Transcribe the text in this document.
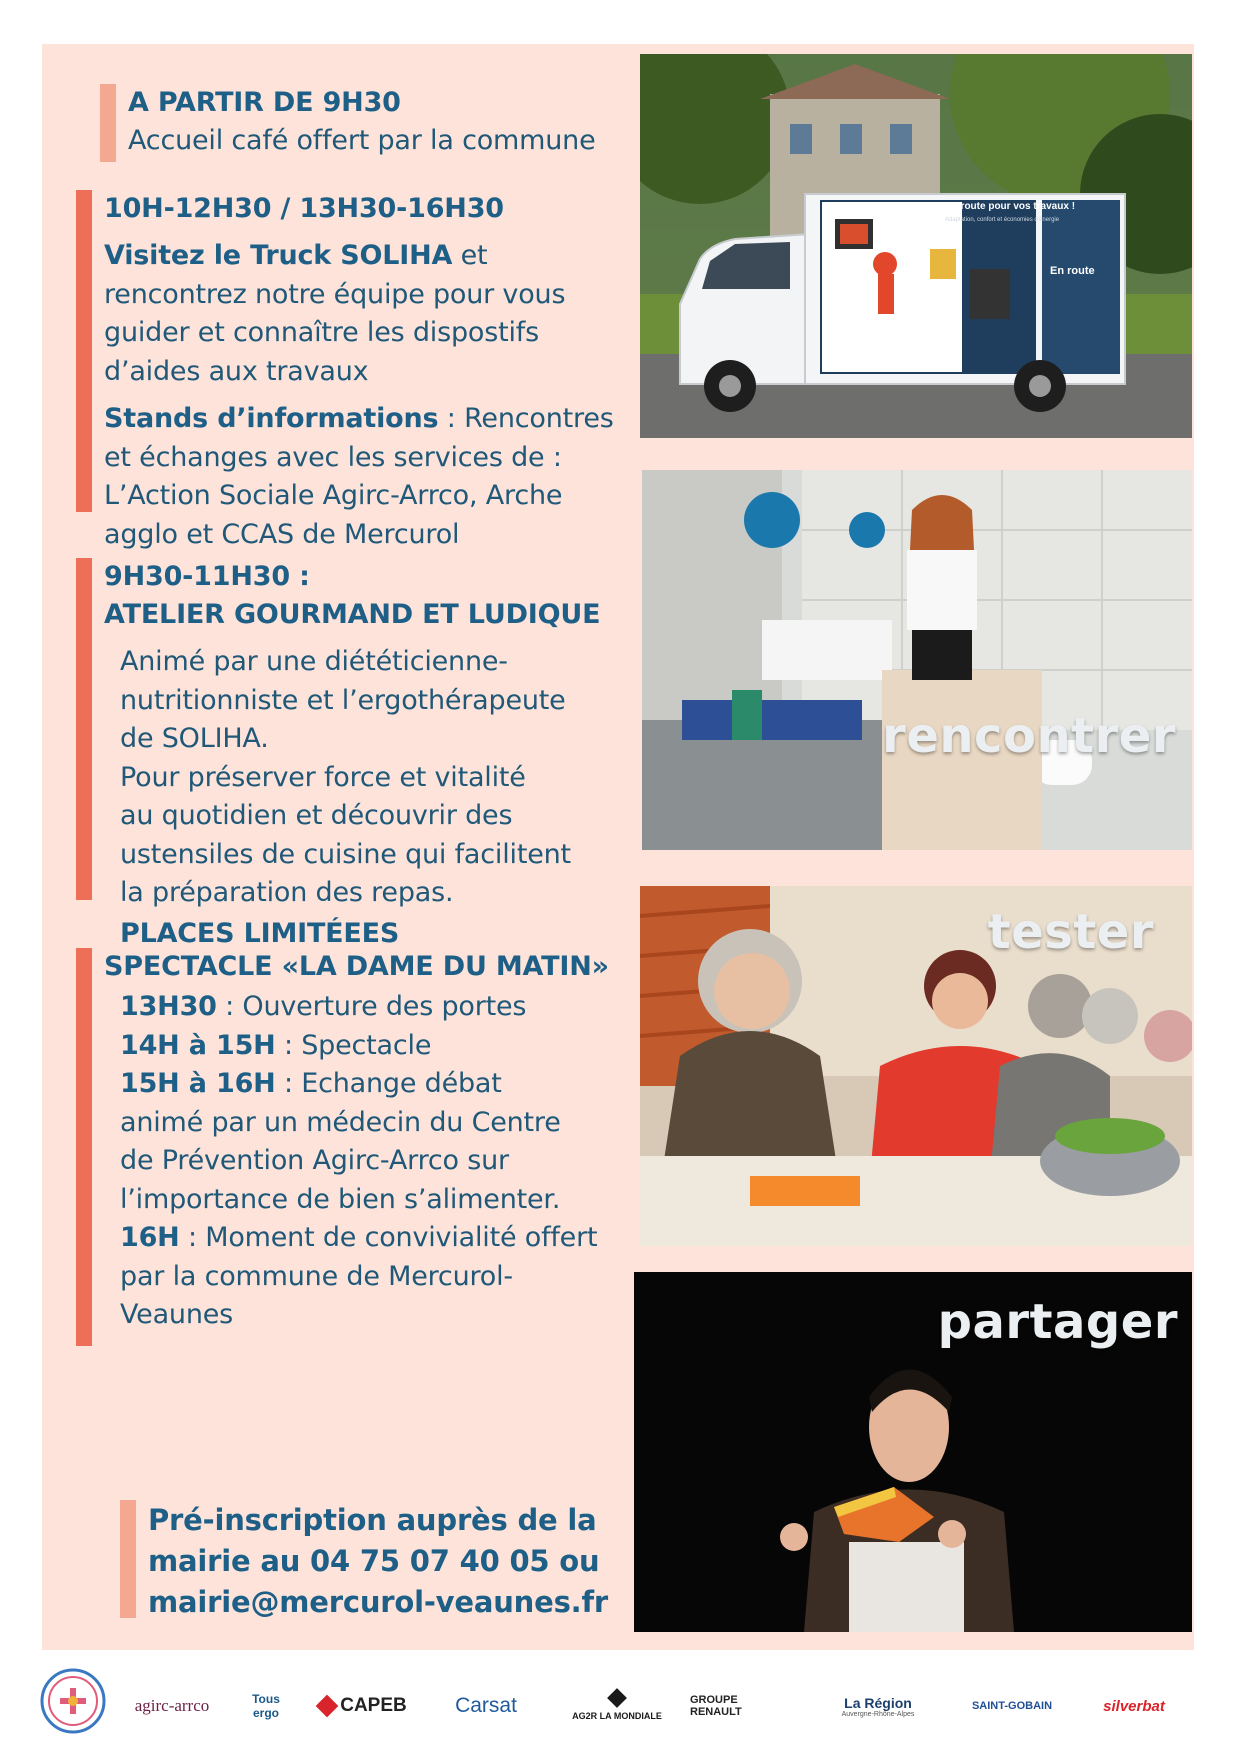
A PARTIR DE 9H30
Accueil café offert par la commune
10H-12H30 / 13H30-16H30
Visitez le Truck SOLIHA et
rencontrez notre équipe pour vous
guider et connaître les dispostifs
d’aides aux travaux
Stands d’informations : Rencontres
et échanges avec les services de :
L’Action Sociale Agirc-Arrco, Arche
agglo et CCAS de Mercurol
9H30-11H30 :
ATELIER GOURMAND ET LUDIQUE
Animé par une diététicienne-
nutritionniste et l’ergothérapeute
de SOLIHA.
Pour préserver force et vitalité
au quotidien et découvrir des
ustensiles de cuisine qui facilitent
la préparation des repas.
PLACES LIMITÉEES
SPECTACLE «LA DAME DU MATIN»
13H30 : Ouverture des portes
14H à 15H : Spectacle
15H à 16H : Echange débat
animé par un médecin du Centre
de Prévention Agirc-Arrco sur
l’importance de bien s’alimenter.
16H : Moment de convivialité offert
par la commune de Mercurol-
Veaunes
Pré-inscription auprès de la
mairie au 04 75 07 40 05 ou
mairie@mercurol-veaunes.fr
En route pour vos travaux !
Adaptation, confort et économies d’énergie
En route
rencontrer
tester
partager
agirc-arrco	Tous ergo	CAPEB	Carsat	AG2R LA MONDIALE
GROUPE RENAULT
La Région
Auvergne-Rhône-Alpes
SAINT-GOBAIN	silverbat
